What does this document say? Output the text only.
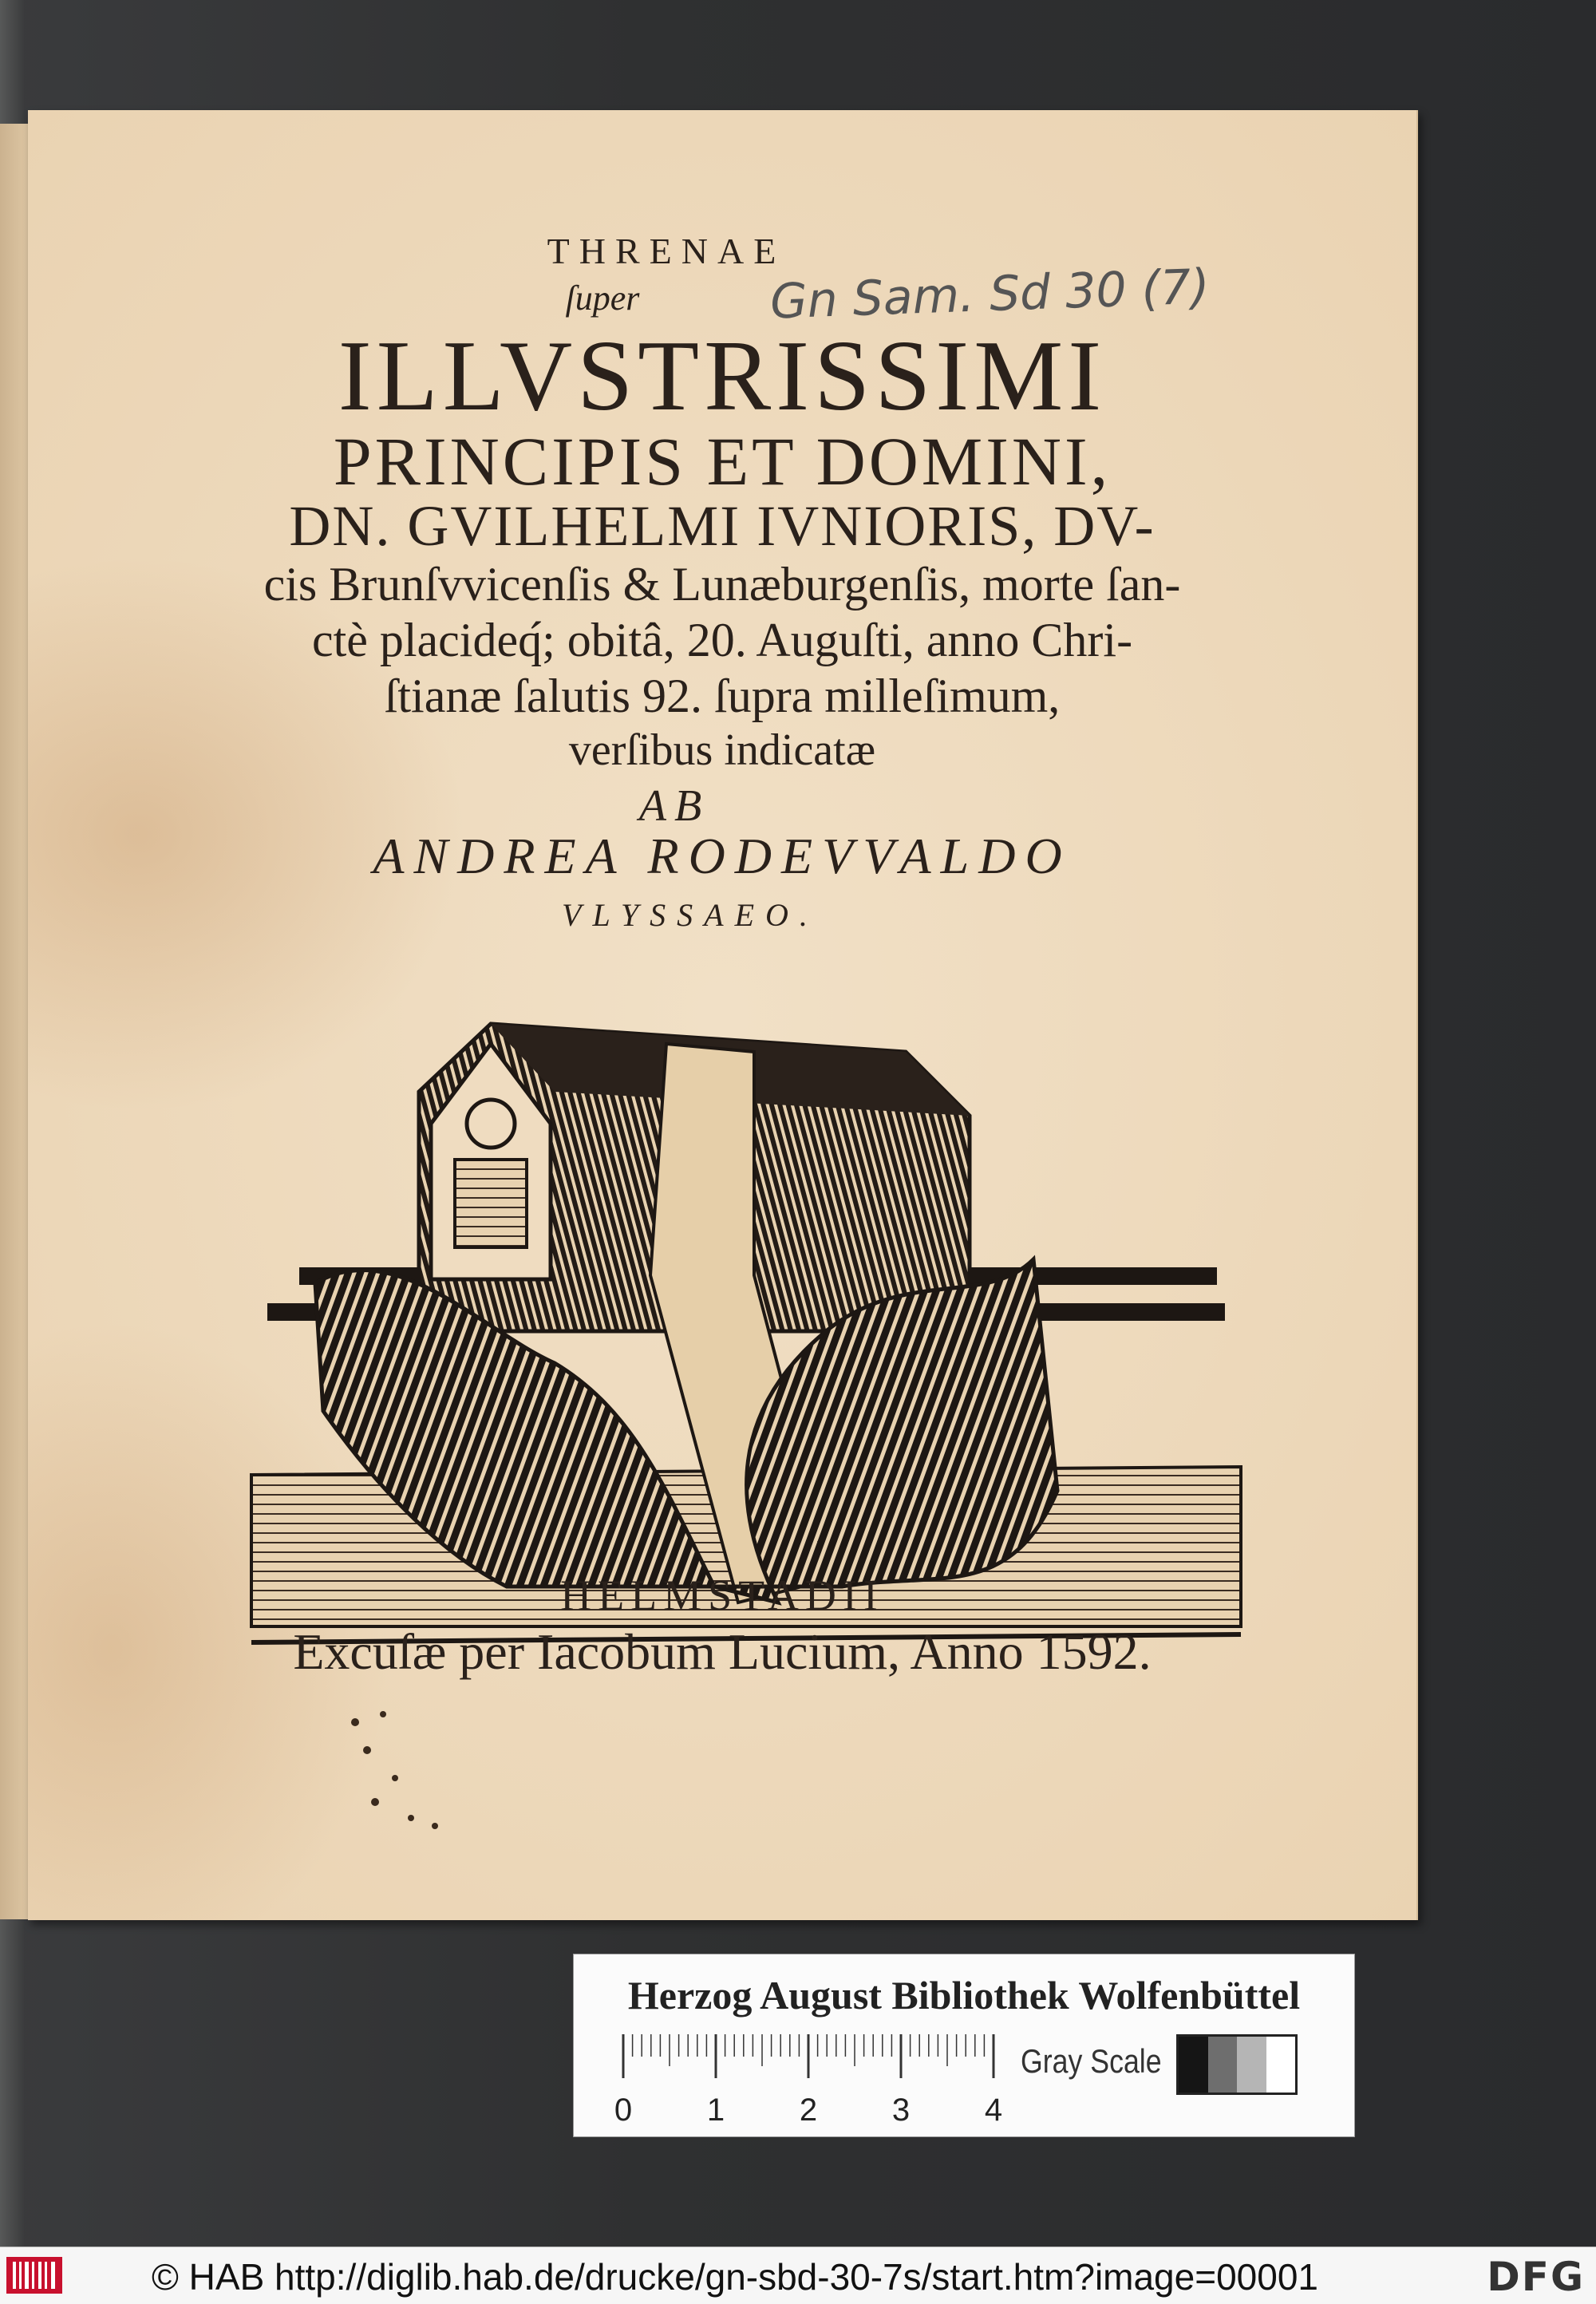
THRENAE
ſuper	Gn Sam. Sd 30 (7)
ILLVSTRISSIMI
PRINCIPIS ET DOMINI,
DN. GVILHELMI IVNIORIS, DV-
cis Brunſvvicenſis & Lunæburgenſis, morte ſan-
ctè placideq́; obitâ, 20. Auguſti, anno Chri-
ſtianæ ſalutis 92. ſupra milleſimum,
verſibus indicatæ
AB
ANDREA RODEVVALDO
VLYSSAEO.
HELMSTADII
Excuſæ per Iacobum Lucium, Anno 1592.
Herzog August Bibliothek Wolfenbüttel
0 1 2 3 4
Gray Scale
© HAB http://diglib.hab.de/drucke/gn-sbd-30-7s/start.htm?image=00001	DFG
